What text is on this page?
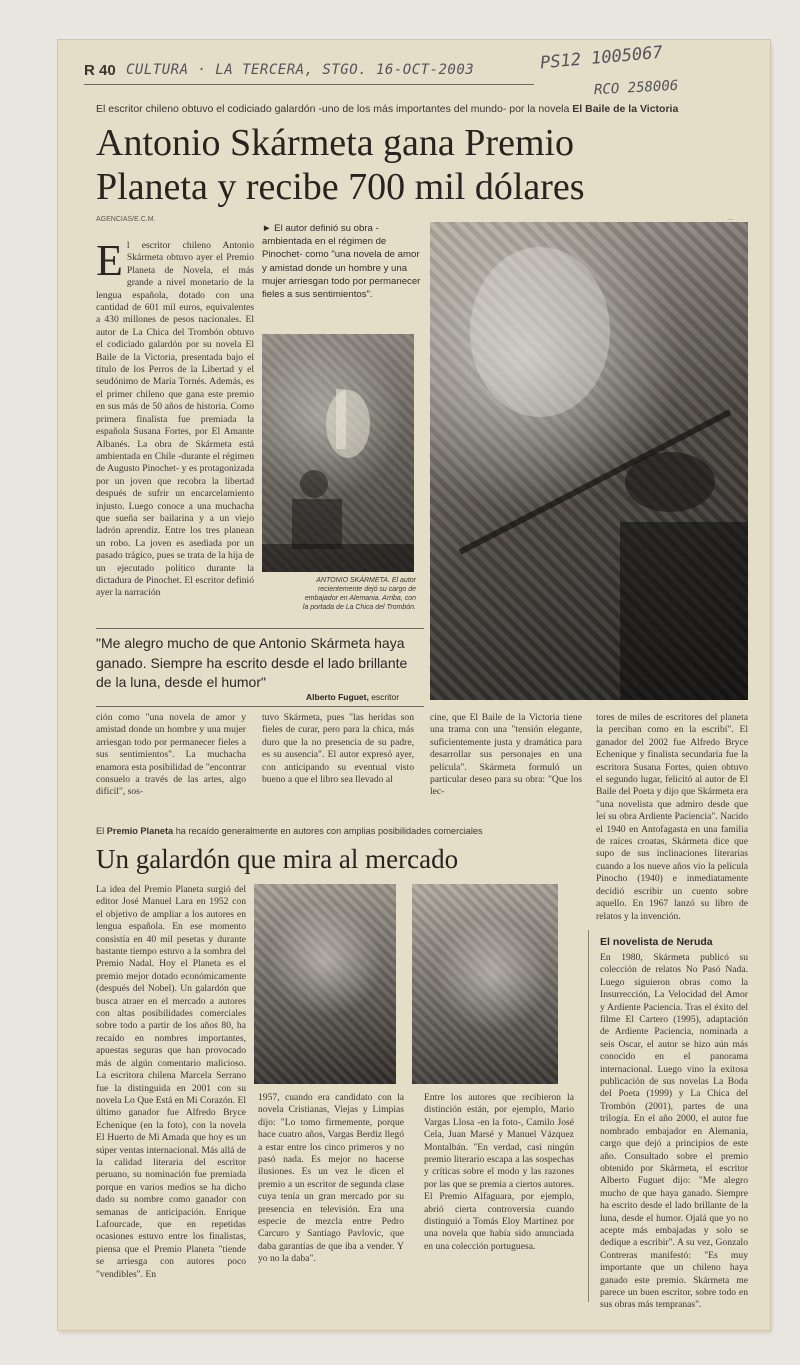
R 40 CULTURA · LA TERCERA, STGO. 16-OCT-2003	PS12 1005067
RCO 258006
El escritor chileno obtuvo el codiciado galardón -uno de los más importantes del mundo- por la novela El Baile de la Victoria
Antonio Skármeta gana Premio
Planeta y recibe 700 mil dólares
AGENCIAS/E.C.M.	...
► El autor definió su obra -ambientada en el régimen de Pinochet- como "una novela de amor y amistad donde un hombre y una mujer arriesgan todo por permanecer fieles a sus sentimientos".
E l escritor chileno Antonio Skármeta obtuvo ayer el Premio Planeta de Novela, el más grande a nivel monetario de la lengua española, dotado con una cantidad de 601 mil euros, equivalentes a 430 millones de pesos nacionales. El autor de La Chica del Trombón obtuvo el codiciado galardón por su novela El Baile de la Victoria, presentada bajo el título de los Perros de la Libertad y el seudónimo de María Tornés. Además, es el primer chileno que gana este premio en sus más de 50 años de historia. Como primera finalista fue premiada la española Susana Fortes, por El Amante Albanés. La obra de Skármeta está ambientada en Chile -durante el régimen de Augusto Pinochet- y es protagonizada por un joven que recobra la libertad después de sufrir un encarcelamiento injusto. Luego conoce a una muchacha que sueña ser bailarina y a un viejo ladrón aprendiz. Entre los tres planean un robo. La joven es asediada por un pasado trágico, pues se trata de la hija de un ejecutado político durante la dictadura de Pinochet. El escritor definió ayer la narración
ANTONIO SKÁRMETA. El autor recientemente dejó su cargo de embajador en Alemania. Arriba, con la portada de La Chica del Trombón.
"Me alegro mucho de que Antonio Skármeta haya ganado. Siempre ha escrito desde el lado brillante de la luna, desde el humor"
Alberto Fuguet, escritor
ción como "una novela de amor y amistad donde un hombre y una mujer arriesgan todo por permanecer fieles a sus sentimientos". La muchacha enamora esta posibilidad de "encontrar consuelo a través de las artes, algo difícil", sos-
tuvo Skármeta, pues "las heridas son fieles de curar, pero para la chica, más duro que la no presencia de su padre, es su ausencia". El autor expresó ayer, con anticipando su eventual visto bueno a que el libro sea llevado al
cine, que El Baile de la Victoria tiene una trama con una "tensión elegante, suficientemente justa y dramática para desarrollar sus personajes en una película". Skármeta formuló un particular deseo para su obra: "Que los lec-
tores de miles de escritores del planeta la perciban como en la escribí". El ganador del 2002 fue Alfredo Bryce Echenique y finalista secundaria fue la escritora Susana Fortes, quien obtuvo el segundo lugar, felicitó al autor de El Baile del Poeta y dijo que Skármeta era "una novelista que admiro desde que leí su obra Ardiente Paciencia". Nacido el 1940 en Antofagasta en una familia de raíces croatas, Skármeta dice que supo de sus inclinaciones literarias cuando a los nueve años vio la película Pinocho (1940) e inmediatamente decidió escribir un cuento sobre aquello. En 1967 lanzó su libro de relatos y la invención.
El Premio Planeta ha recaído generalmente en autores con amplias posibilidades comerciales
Un galardón que mira al mercado
La idea del Premio Planeta surgió del editor José Manuel Lara en 1952 con el objetivo de ampliar a los autores en lengua española. En ese momento consistía en 40 mil pesetas y durante bastante tiempo estuvo a la sombra del Premio Nadal. Hoy el Planeta es el premio mejor dotado económicamente (después del Nobel). Un galardón que busca atraer en el mercado a autores con altas posibilidades comerciales sobre todo a partir de los años 80, ha recaído en nombres importantes, apuestas seguras que han provocado más de algún comentario malicioso. La escritora chilena Marcela Serrano fue la distinguida en 2001 con su novela Lo Que Está en Mi Corazón. El último ganador fue Alfredo Bryce Echenique (en la foto), con la novela El Huerto de Mi Amada que hoy es un súper ventas internacional. Más allá de la calidad literaria del escritor peruano, su nominación fue premiada porque en varios medios se ha dicho dado su nombre como ganador con semanas de anticipación. Enrique Lafourcade, que en repetidas ocasiones estuvo entre los finalistas, piensa que el Premio Planeta "tiende se arriesga con autores poco "vendibles". En
1957, cuando era candidato con la novela Cristianas, Viejas y Limpias dijo: "Lo tomo firmemente, porque hace cuatro años, Vargas Berdiz llegó a estar entre los cinco primeros y no pasó nada. Es mejor no hacerse ilusiones. Es un vez le dicen el premio a un escritor de segunda clase cuya tenía un gran mercado por su presencia en televisión. Era una especie de mezcla entre Pedro Carcuro y Santiago Pavlovic, que daba garantías de que iba a vender. Y yo no la daba".
Entre los autores que recibieron la distinción están, por ejemplo, Mario Vargas Llosa -en la foto-, Camilo José Cela, Juan Marsé y Manuel Vázquez Montalbán. "En verdad, casi ningún premio literario escapa a las sospechas y críticas sobre el modo y las razones por las que se premia a ciertos autores. El Premio Alfaguara, por ejemplo, abrió cierta controversia cuando distinguió a Tomás Eloy Martínez por una novela que había sido anunciada en una colección portuguesa.
El novelista de Neruda
En 1980, Skármeta publicó su colección de relatos No Pasó Nada. Luego siguieron obras como la Insurrección, La Velocidad del Amor y Ardiente Paciencia. Tras el éxito del filme El Cartero (1995), adaptación de Ardiente Paciencia, nominada a seis Oscar, el autor se hizo aún más conocido en el panorama internacional. Luego vino la exitosa publicación de sus novelas La Boda del Poeta (1999) y La Chica del Trombón (2001), partes de una trilogía. En el año 2000, el autor fue nombrado embajador en Alemania, cargo que dejó a principios de este año. Consultado sobre el premio obtenido por Skármeta, el escritor Alberto Fuguet dijo: "Me alegro mucho de que haya ganado. Siempre ha escrito desde el lado brillante de la luna, desde el humor. Ojalá que yo no acepte más embajadas y solo se dedique a escribir". A su vez, Gonzalo Contreras manifestó: "Es muy importante que un chileno haya ganado este premio. Skármeta me parece un buen escritor, sobre todo en sus obras más tempranas".
